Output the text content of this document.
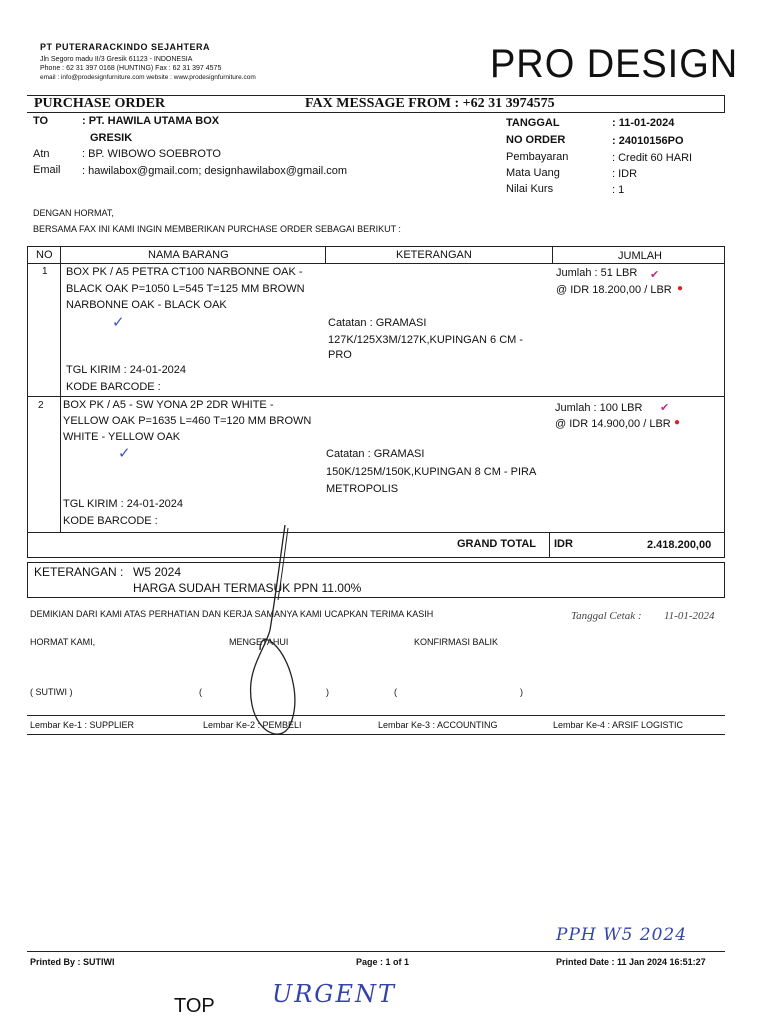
PT PUTERARACKINDO SEJAHTERA
Jln Segoro madu II/3 Gresik 61123 - INDONESIA
Phone : 62 31 397 0168 (HUNTING) Fax : 62 31 397 4575
email : info@prodesignfurniture.com website : www.prodesignfurniture.com	PRO DESIGN
PURCHASE ORDER	FAX MESSAGE FROM : +62 31 3974575
TO	: PT. HAWILA UTAMA BOX
GRESIK
Atn	: BP. WIBOWO SOEBROTO
Email : hawilabox@gmail.com; designhawilabox@gmail.com
TANGGAL	: 11-01-2024
NO ORDER	: 24010156PO
Pembayaran	: Credit 60 HARI
Mata Uang	: IDR
Nilai Kurs	: 1
DENGAN HORMAT,
BERSAMA FAX INI KAMI INGIN MEMBERIKAN PURCHASE ORDER SEBAGAI BERIKUT :
NO	NAMA BARANG	KETERANGAN	JUMLAH
1 BOX PK / A5 PETRA CT100 NARBONNE OAK -
BLACK OAK P=1050 L=545 T=125 MM BROWN
NARBONNE OAK - BLACK OAK
✓	Catatan : GRAMASI
127K/125X3M/127K,KUPINGAN 6 CM -
PRO
TGL KIRIM : 24-01-2024
KODE BARCODE :
Jumlah : 51 LBR ✔
@ IDR 18.200,00 / LBR ●
2 BOX PK / A5 - SW YONA 2P 2DR WHITE -
YELLOW OAK P=1635 L=460 T=120 MM BROWN
WHITE - YELLOW OAK
✓	Catatan : GRAMASI
150K/125M/150K,KUPINGAN 8 CM - PIRA
METROPOLIS
TGL KIRIM : 24-01-2024
KODE BARCODE :
Jumlah : 100 LBR ✔
@ IDR 14.900,00 / LBR ●
GRAND TOTAL IDR	2.418.200,00
KETERANGAN : W5 2024
HARGA SUDAH TERMASUK PPN 11.00%
DEMIKIAN DARI KAMI ATAS PERHATIAN DAN KERJA SAMANYA KAMI UCAPKAN TERIMA KASIH	Tanggal Cetak : 11-01-2024
HORMAT KAMI,	MENGETAHUI	KONFIRMASI BALIK
( SUTIWI )	(	)	(	)
Lembar Ke-1 : SUPPLIER	Lembar Ke-2 : PEMBELI	Lembar Ke-3 : ACCOUNTING	Lembar Ke-4 : ARSIF LOGISTIC
PPH W5 2024
Printed By : SUTIWI	Page : 1 of 1	Printed Date : 11 Jan 2024 16:51:27
TOP URGENT
